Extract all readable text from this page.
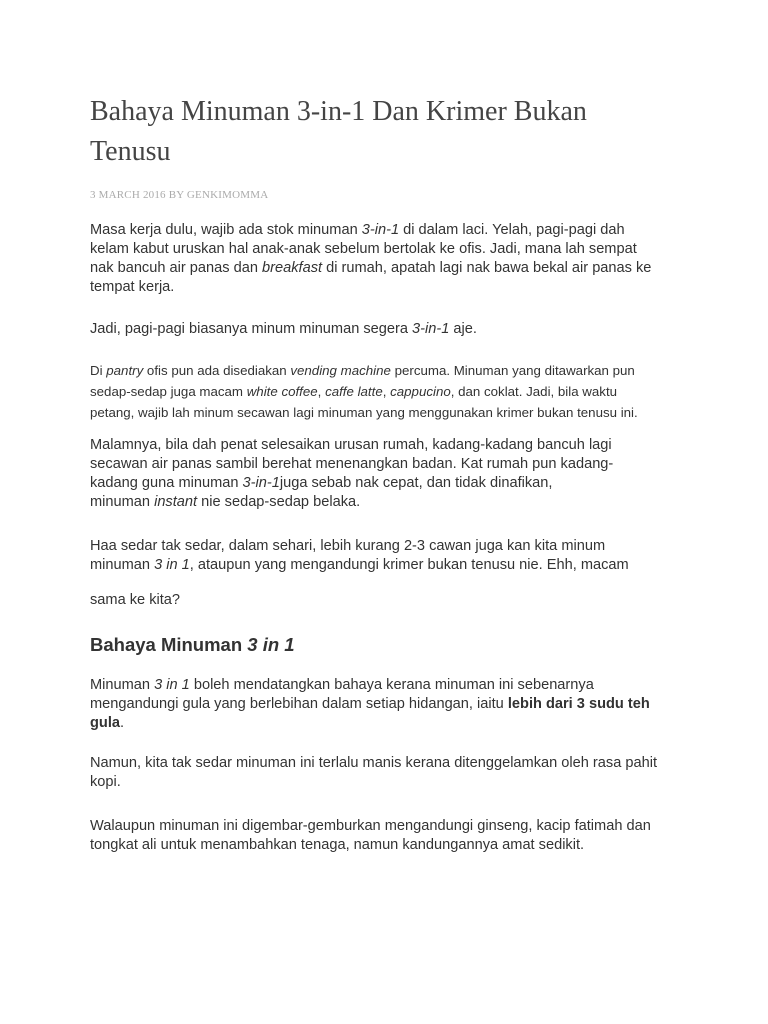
Bahaya Minuman 3-in-1 Dan Krimer Bukan
Tenusu

3 MARCH 2016 BY GENKIMOMMA

Masa kerja dulu, wajib ada stok minuman 3-in-1 di dalam laci. Yelah, pagi-pagi dah
kelam kabut uruskan hal anak-anak sebelum bertolak ke ofis. Jadi, mana lah sempat
nak bancuh air panas dan breakfast di rumah, apatah lagi nak bawa bekal air panas ke
tempat kerja.

Jadi, pagi-pagi biasanya minum minuman segera 3-in-1 aje.

Di pantry ofis pun ada disediakan vending machine percuma. Minuman yang ditawarkan pun
sedap-sedap juga macam white coffee, caffe latte, cappucino, dan coklat. Jadi, bila waktu
petang, wajib lah minum secawan lagi minuman yang menggunakan krimer bukan tenusu ini.

Malamnya, bila dah penat selesaikan urusan rumah, kadang-kadang bancuh lagi
secawan air panas sambil berehat menenangkan badan. Kat rumah pun kadang-
kadang guna minuman 3-in-1juga sebab nak cepat, dan tidak dinafikan,
minuman instant nie sedap-sedap belaka.

Haa sedar tak sedar, dalam sehari, lebih kurang 2-3 cawan juga kan kita minum
minuman 3 in 1, ataupun yang mengandungi krimer bukan tenusu nie. Ehh, macam

sama ke kita?

Bahaya Minuman 3 in 1

Minuman 3 in 1 boleh mendatangkan bahaya kerana minuman ini sebenarnya
mengandungi gula yang berlebihan dalam setiap hidangan, iaitu lebih dari 3 sudu teh
gula.

Namun, kita tak sedar minuman ini terlalu manis kerana ditenggelamkan oleh rasa pahit
kopi.

Walaupun minuman ini digembar-gemburkan mengandungi ginseng, kacip fatimah dan
tongkat ali untuk menambahkan tenaga, namun kandungannya amat sedikit.
